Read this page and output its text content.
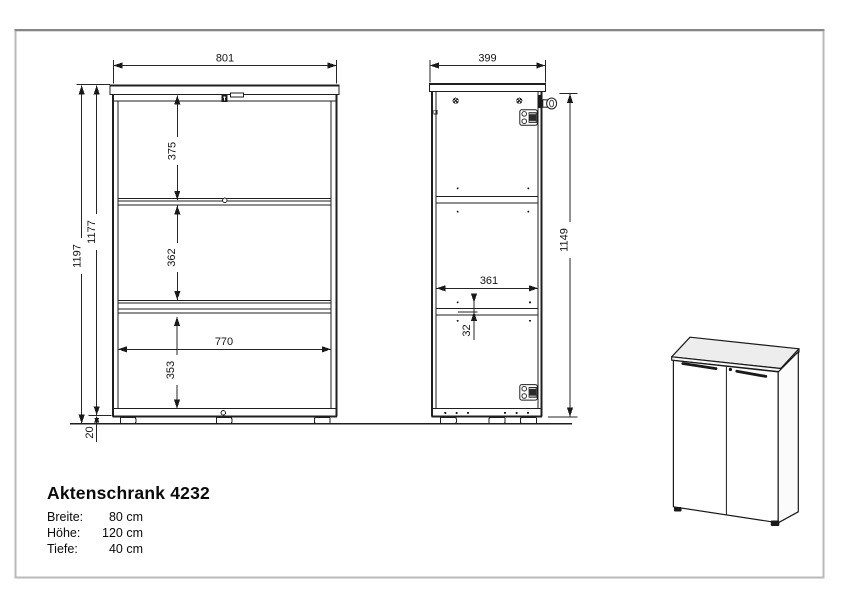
801
1197
1177
375
362
353
770
20
399
1149
361
32
Aktenschrank 4232
Breite:	80 cm
Höhe:	120 cm
Tiefe:	40 cm
